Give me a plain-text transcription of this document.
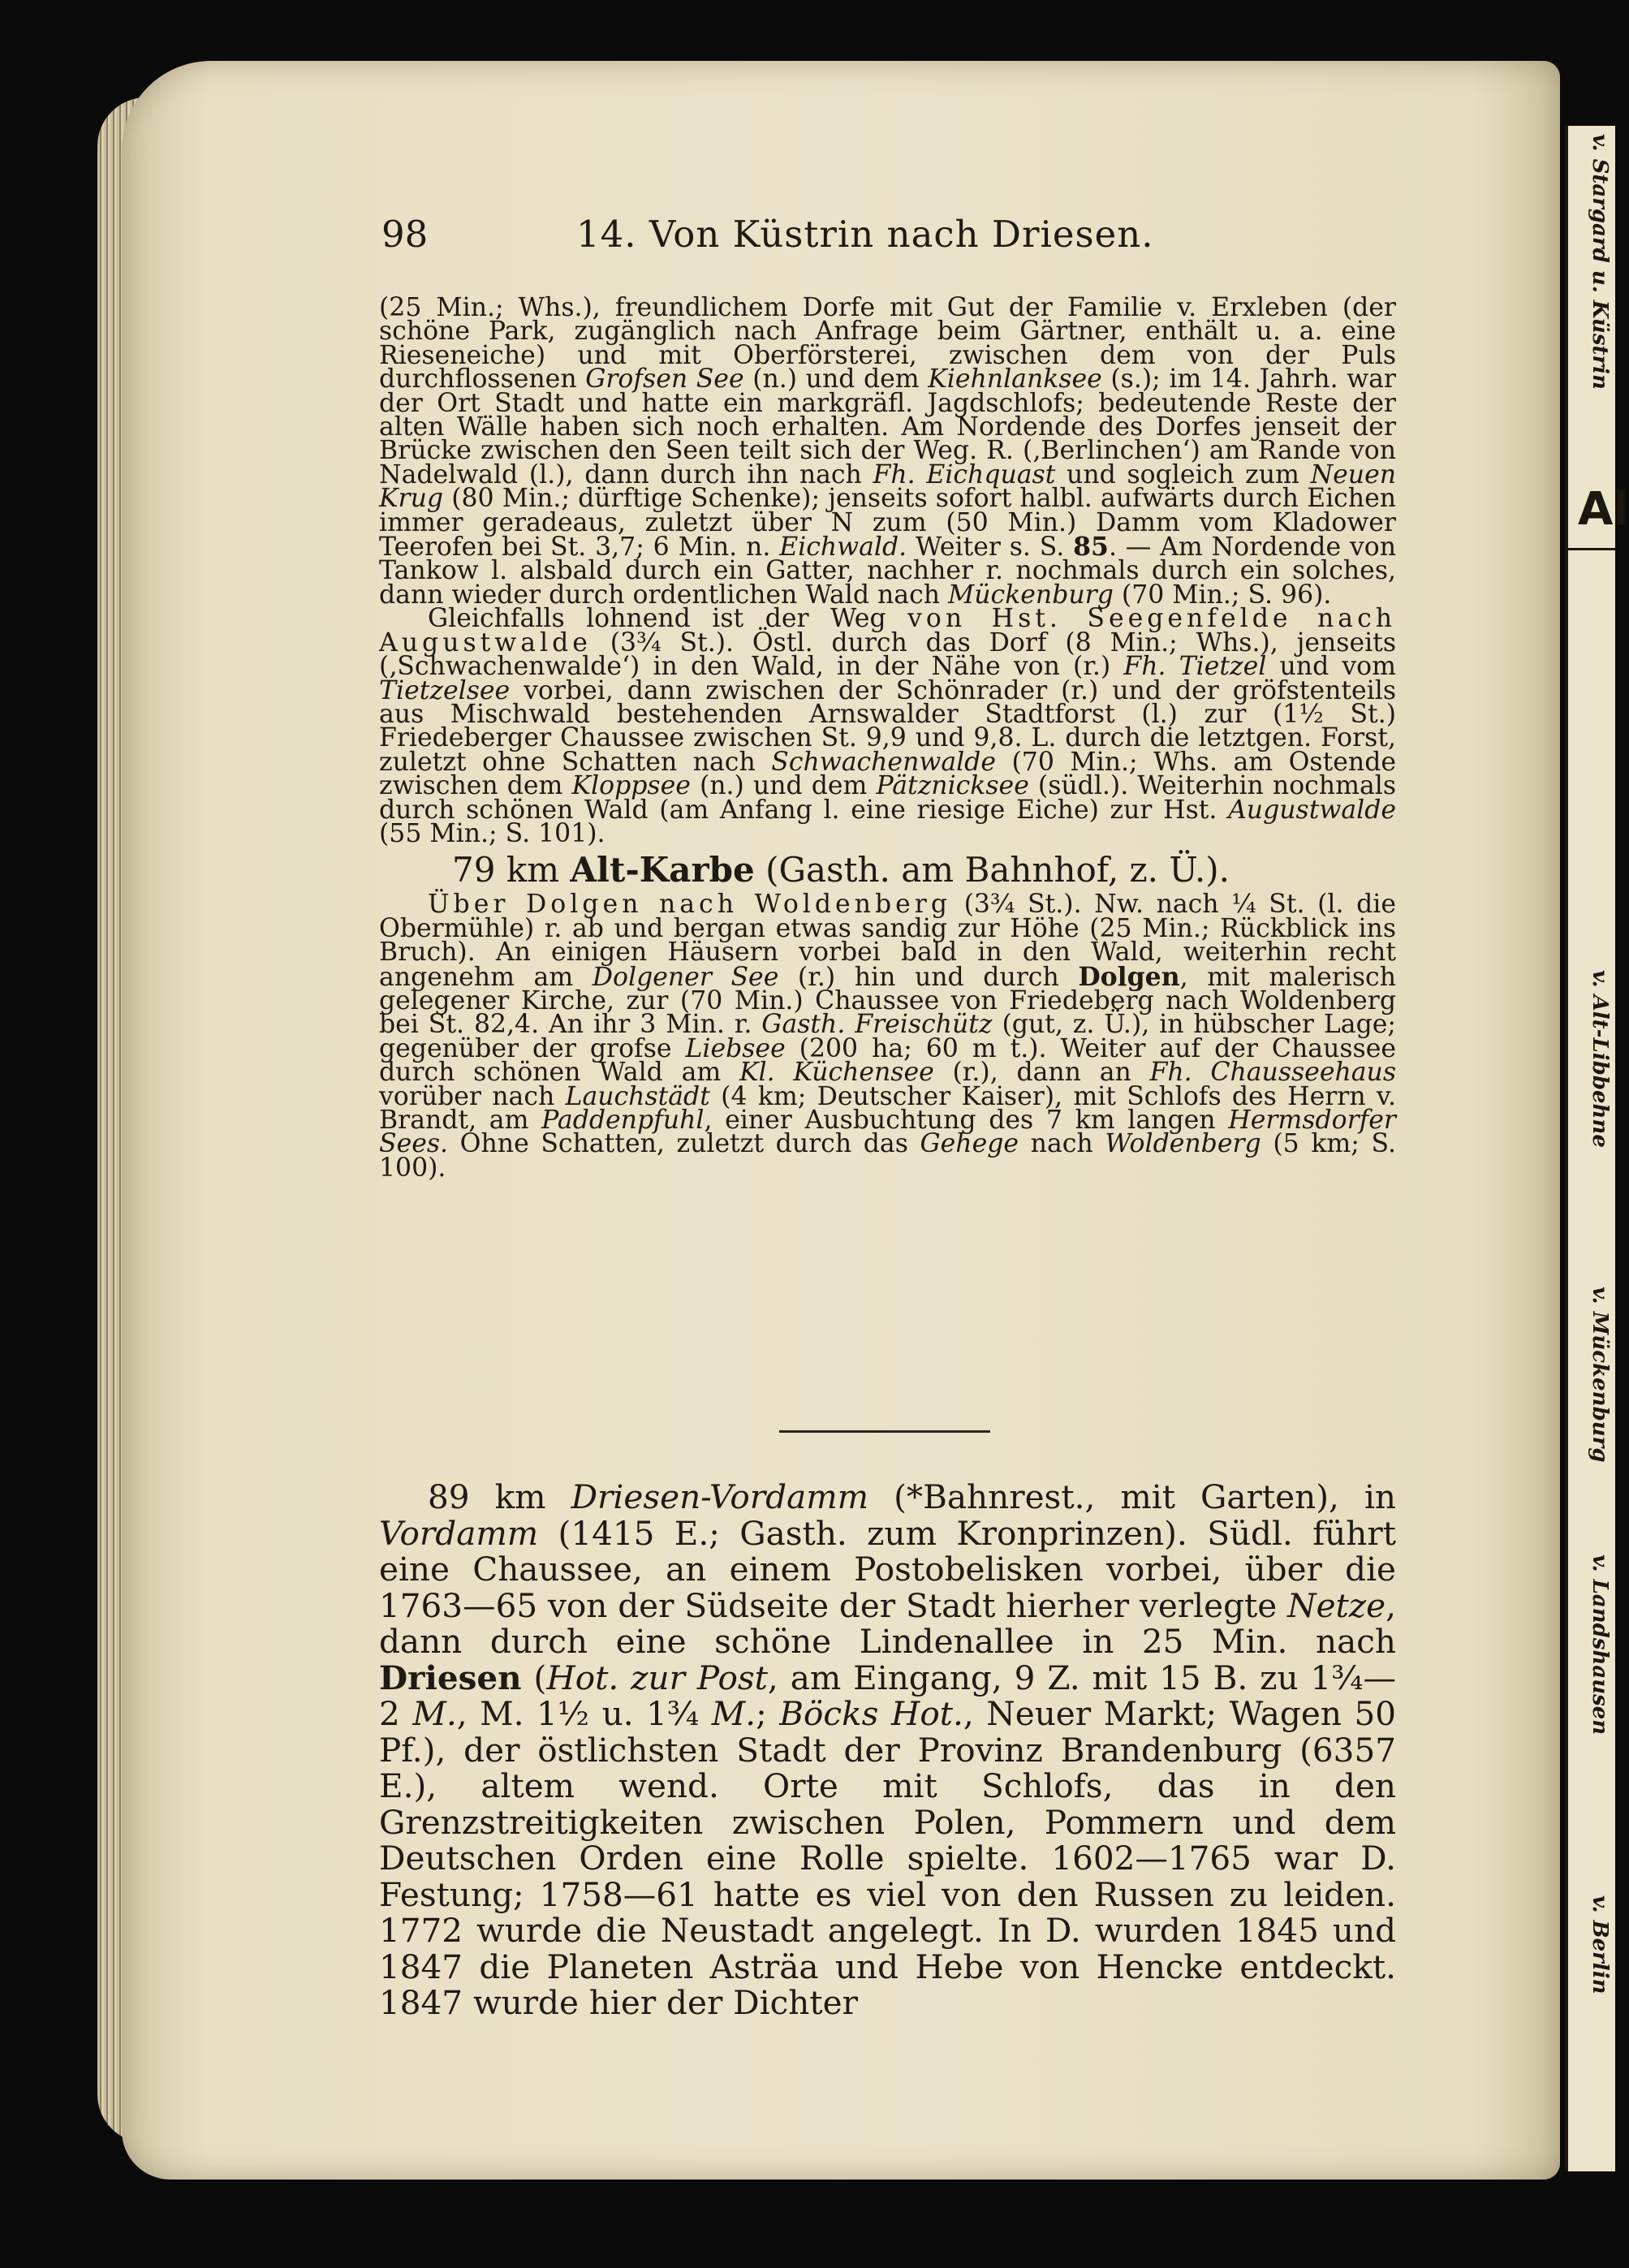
98	14. Von Küstrin nach Driesen.

(25 Min.; Whs.), freundlichem Dorfe mit Gut der Familie v. Erxleben (der schöne Park, zugänglich nach Anfrage beim Gärtner, enthält u. a. eine Rieseneiche) und mit Oberförsterei, zwischen dem von der Puls durchflossenen Grofsen See (n.) und dem Kiehnlanksee (s.); im 14. Jahrh. war der Ort Stadt und hatte ein markgräfl. Jagdschlofs; bedeutende Reste der alten Wälle haben sich noch erhalten. Am Nordende des Dorfes jenseit der Brücke zwischen den Seen teilt sich der Weg. R. (‚Berlinchen‘) am Rande von Nadelwald (l.), dann durch ihn nach Fh. Eichquast und sogleich zum Neuen Krug (80 Min.; dürftige Schenke); jenseits sofort halbl. aufwärts durch Eichen immer geradeaus, zuletzt über N zum (50 Min.) Damm vom Kladower Teerofen bei St. 3,7; 6 Min. n. Eichwald. Weiter s. S. 85. — Am Nordende von Tankow l. alsbald durch ein Gatter, nachher r. nochmals durch ein solches, dann wieder durch ordentlichen Wald nach Mückenburg (70 Min.; S. 96).

Gleichfalls lohnend ist der Weg von Hst. Seegenfelde nach Augustwalde (3¾ St.). Östl. durch das Dorf (8 Min.; Whs.), jenseits (‚Schwachenwalde‘) in den Wald, in der Nähe von (r.) Fh. Tietzel und vom Tietzelsee vorbei, dann zwischen der Schönrader (r.) und der gröfstenteils aus Mischwald bestehenden Arnswalder Stadtforst (l.) zur (1½ St.) Friedeberger Chaussee zwischen St. 9,9 und 9,8. L. durch die letztgen. Forst, zuletzt ohne Schatten nach Schwachenwalde (70 Min.; Whs. am Ostende zwischen dem Kloppsee (n.) und dem Pätznicksee (südl.). Weiterhin nochmals durch schönen Wald (am Anfang l. eine riesige Eiche) zur Hst. Augustwalde (55 Min.; S. 101).

79 km Alt-Karbe (Gasth. am Bahnhof, z. Ü.).

Über Dolgen nach Woldenberg (3¾ St.). Nw. nach ¼ St. (l. die Obermühle) r. ab und bergan etwas sandig zur Höhe (25 Min.; Rückblick ins Bruch). An einigen Häusern vorbei bald in den Wald, weiterhin recht angenehm am Dolgener See (r.) hin und durch Dolgen, mit malerisch gelegener Kirche, zur (70 Min.) Chaussee von Friedeberg nach Woldenberg bei St. 82,4. An ihr 3 Min. r. Gasth. Freischütz (gut, z. Ü.), in hübscher Lage; gegenüber der grofse Liebsee (200 ha; 60 m t.). Weiter auf der Chaussee durch schönen Wald am Kl. Küchensee (r.), dann an Fh. Chausseehaus vorüber nach Lauchstädt (4 km; Deutscher Kaiser), mit Schlofs des Herrn v. Brandt, am Paddenpfuhl, einer Ausbuchtung des 7 km langen Hermsdorfer Sees. Ohne Schatten, zuletzt durch das Gehege nach Woldenberg (5 km; S. 100).

89 km Driesen-Vordamm (*Bahnrest., mit Garten), in Vordamm (1415 E.; Gasth. zum Kronprinzen). Südl. führt eine Chaussee, an einem Postobelisken vorbei, über die 1763—65 von der Südseite der Stadt hierher verlegte Netze, dann durch eine schöne Lindenallee in 25 Min. nach Driesen (Hot. zur Post, am Eingang, 9 Z. mit 15 B. zu 1¾—2 M., M. 1½ u. 1¾ M.; Böcks Hot., Neuer Markt; Wagen 50 Pf.), der östlichsten Stadt der Provinz Brandenburg (6357 E.), altem wend. Orte mit Schlofs, das in den Grenzstreitigkeiten zwischen Polen, Pommern und dem Deutschen Orden eine Rolle spielte. 1602—1765 war D. Festung; 1758—61 hatte es viel von den Russen zu leiden. 1772 wurde die Neustadt angelegt. In D. wurden 1845 und 1847 die Planeten Asträa und Hebe von Hencke entdeckt. 1847 wurde hier der Dichter

v. Stargard u. Küstrin
Al
v. Alt-Libbehne
v. Mückenburg
v. Landshausen
v. Berlin
